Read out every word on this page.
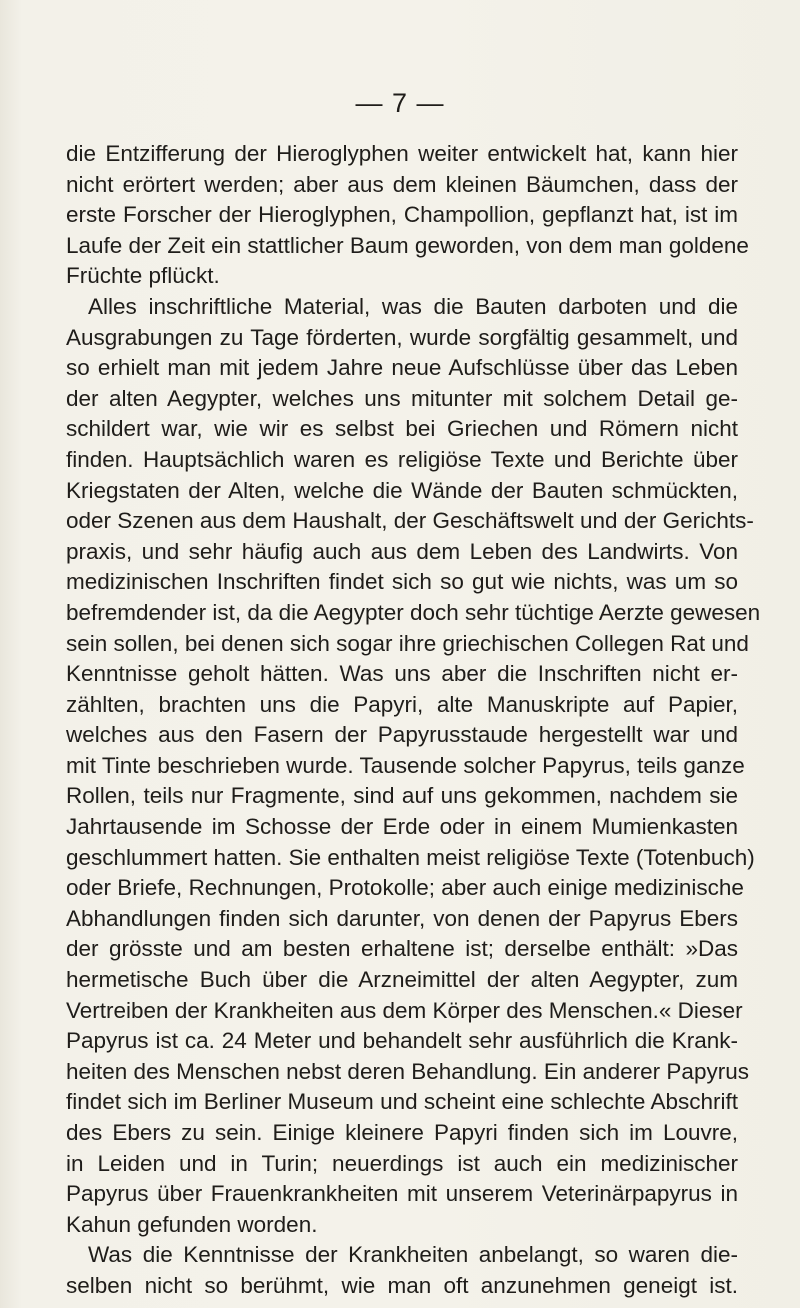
— 7 —

die Entzifferung der Hieroglyphen weiter entwickelt hat, kann hier
nicht erörtert werden; aber aus dem kleinen Bäumchen, dass der
erste Forscher der Hieroglyphen, Champollion, gepflanzt hat, ist im
Laufe der Zeit ein stattlicher Baum geworden, von dem man goldene
Früchte pflückt.

Alles inschriftliche Material, was die Bauten darboten und die
Ausgrabungen zu Tage förderten, wurde sorgfältig gesammelt, und
so erhielt man mit jedem Jahre neue Aufschlüsse über das Leben
der alten Aegypter, welches uns mitunter mit solchem Detail ge-
schildert war, wie wir es selbst bei Griechen und Römern nicht
finden. Hauptsächlich waren es religiöse Texte und Berichte über
Kriegstaten der Alten, welche die Wände der Bauten schmückten,
oder Szenen aus dem Haushalt, der Geschäftswelt und der Gerichts-
praxis, und sehr häufig auch aus dem Leben des Landwirts. Von
medizinischen Inschriften findet sich so gut wie nichts, was um so
befremdender ist, da die Aegypter doch sehr tüchtige Aerzte gewesen
sein sollen, bei denen sich sogar ihre griechischen Collegen Rat und
Kenntnisse geholt hätten. Was uns aber die Inschriften nicht er-
zählten, brachten uns die Papyri, alte Manuskripte auf Papier,
welches aus den Fasern der Papyrusstaude hergestellt war und
mit Tinte beschrieben wurde. Tausende solcher Papyrus, teils ganze
Rollen, teils nur Fragmente, sind auf uns gekommen, nachdem sie
Jahrtausende im Schosse der Erde oder in einem Mumienkasten
geschlummert hatten. Sie enthalten meist religiöse Texte (Totenbuch)
oder Briefe, Rechnungen, Protokolle; aber auch einige medizinische
Abhandlungen finden sich darunter, von denen der Papyrus Ebers
der grösste und am besten erhaltene ist; derselbe enthält: »Das
hermetische Buch über die Arzneimittel der alten Aegypter, zum
Vertreiben der Krankheiten aus dem Körper des Menschen.« Dieser
Papyrus ist ca. 24 Meter und behandelt sehr ausführlich die Krank-
heiten des Menschen nebst deren Behandlung. Ein anderer Papyrus
findet sich im Berliner Museum und scheint eine schlechte Abschrift
des Ebers zu sein. Einige kleinere Papyri finden sich im Louvre,
in Leiden und in Turin; neuerdings ist auch ein medizinischer
Papyrus über Frauenkrankheiten mit unserem Veterinärpapyrus in
Kahun gefunden worden.

Was die Kenntnisse der Krankheiten anbelangt, so waren die-
selben nicht so berühmt, wie man oft anzunehmen geneigt ist.
